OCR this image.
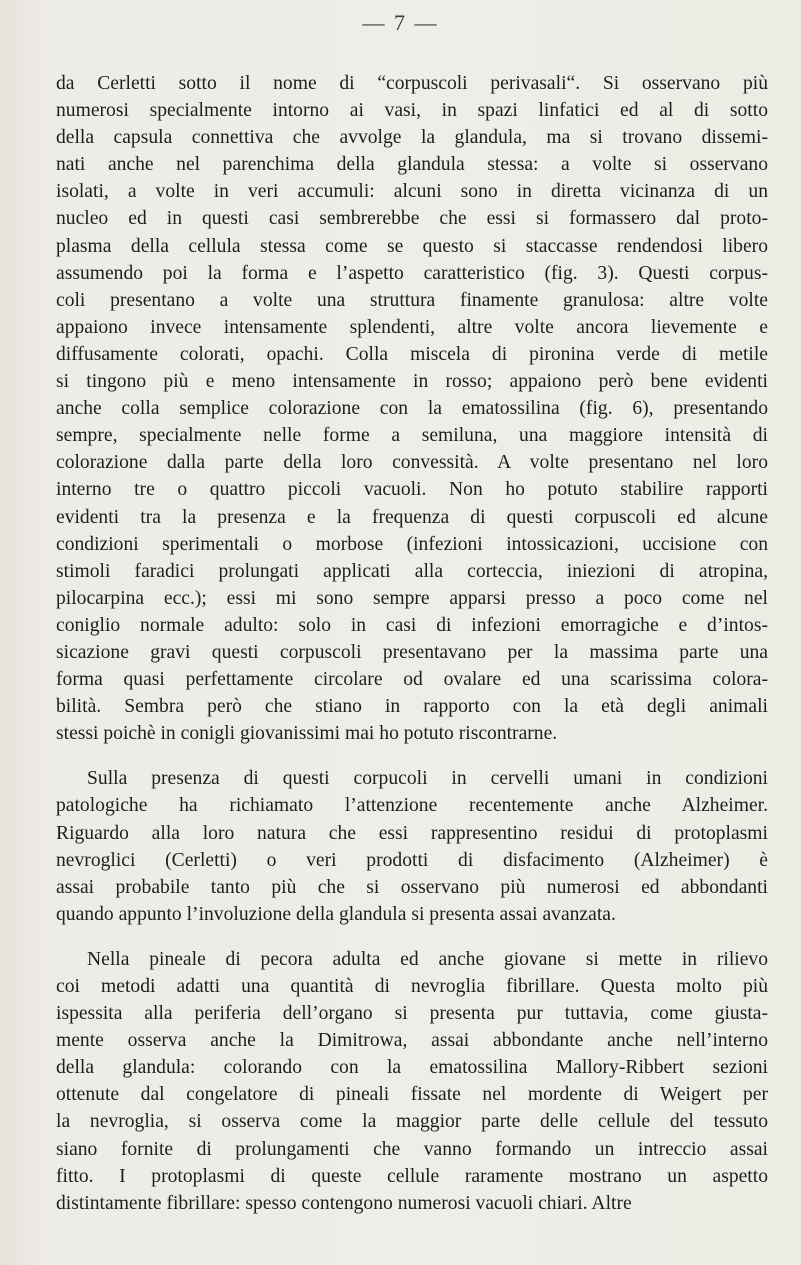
— 7 —
da Cerletti sotto il nome di “corpuscoli perivasali“. Si osservano più
numerosi specialmente intorno ai vasi, in spazi linfatici ed al di sotto
della capsula connettiva che avvolge la glandula, ma si trovano dissemi-
nati anche nel parenchima della glandula stessa: a volte si osservano
isolati, a volte in veri accumuli: alcuni sono in diretta vicinanza di un
nucleo ed in questi casi sembrerebbe che essi si formassero dal proto-
plasma della cellula stessa come se questo si staccasse rendendosi libero
assumendo poi la forma e l’aspetto caratteristico (fig. 3). Questi corpus-
coli presentano a volte una struttura finamente granulosa: altre volte
appaiono invece intensamente splendenti, altre volte ancora lievemente e
diffusamente colorati, opachi. Colla miscela di pironina verde di metile
si tingono più e meno intensamente in rosso; appaiono però bene evidenti
anche colla semplice colorazione con la ematossilina (fig. 6), presentando
sempre, specialmente nelle forme a semiluna, una maggiore intensità di
colorazione dalla parte della loro convessità. A volte presentano nel loro
interno tre o quattro piccoli vacuoli. Non ho potuto stabilire rapporti
evidenti tra la presenza e la frequenza di questi corpuscoli ed alcune
condizioni sperimentali o morbose (infezioni intossicazioni, uccisione con
stimoli faradici prolungati applicati alla corteccia, iniezioni di atropina,
pilocarpina ecc.); essi mi sono sempre apparsi presso a poco come nel
coniglio normale adulto: solo in casi di infezioni emorragiche e d’intos-
sicazione gravi questi corpuscoli presentavano per la massima parte una
forma quasi perfettamente circolare od ovalare ed una scarissima colora-
bilità. Sembra però che stiano in rapporto con la età degli animali
stessi poichè in conigli giovanissimi mai ho potuto riscontrarne.
Sulla presenza di questi corpucoli in cervelli umani in condizioni
patologiche ha richiamato l’attenzione recentemente anche Alzheimer.
Riguardo alla loro natura che essi rappresentino residui di protoplasmi
nevroglici (Cerletti) o veri prodotti di disfacimento (Alzheimer) è
assai probabile tanto più che si osservano più numerosi ed abbondanti
quando appunto l’involuzione della glandula si presenta assai avanzata.
Nella pineale di pecora adulta ed anche giovane si mette in rilievo
coi metodi adatti una quantità di nevroglia fibrillare. Questa molto più
ispessita alla periferia dell’organo si presenta pur tuttavia, come giusta-
mente osserva anche la Dimitrowa, assai abbondante anche nell’interno
della glandula: colorando con la ematossilina Mallory-Ribbert sezioni
ottenute dal congelatore di pineali fissate nel mordente di Weigert per
la nevroglia, si osserva come la maggior parte delle cellule del tessuto
siano fornite di prolungamenti che vanno formando un intreccio assai
fitto. I protoplasmi di queste cellule raramente mostrano un aspetto
distintamente fibrillare: spesso contengono numerosi vacuoli chiari. Altre
